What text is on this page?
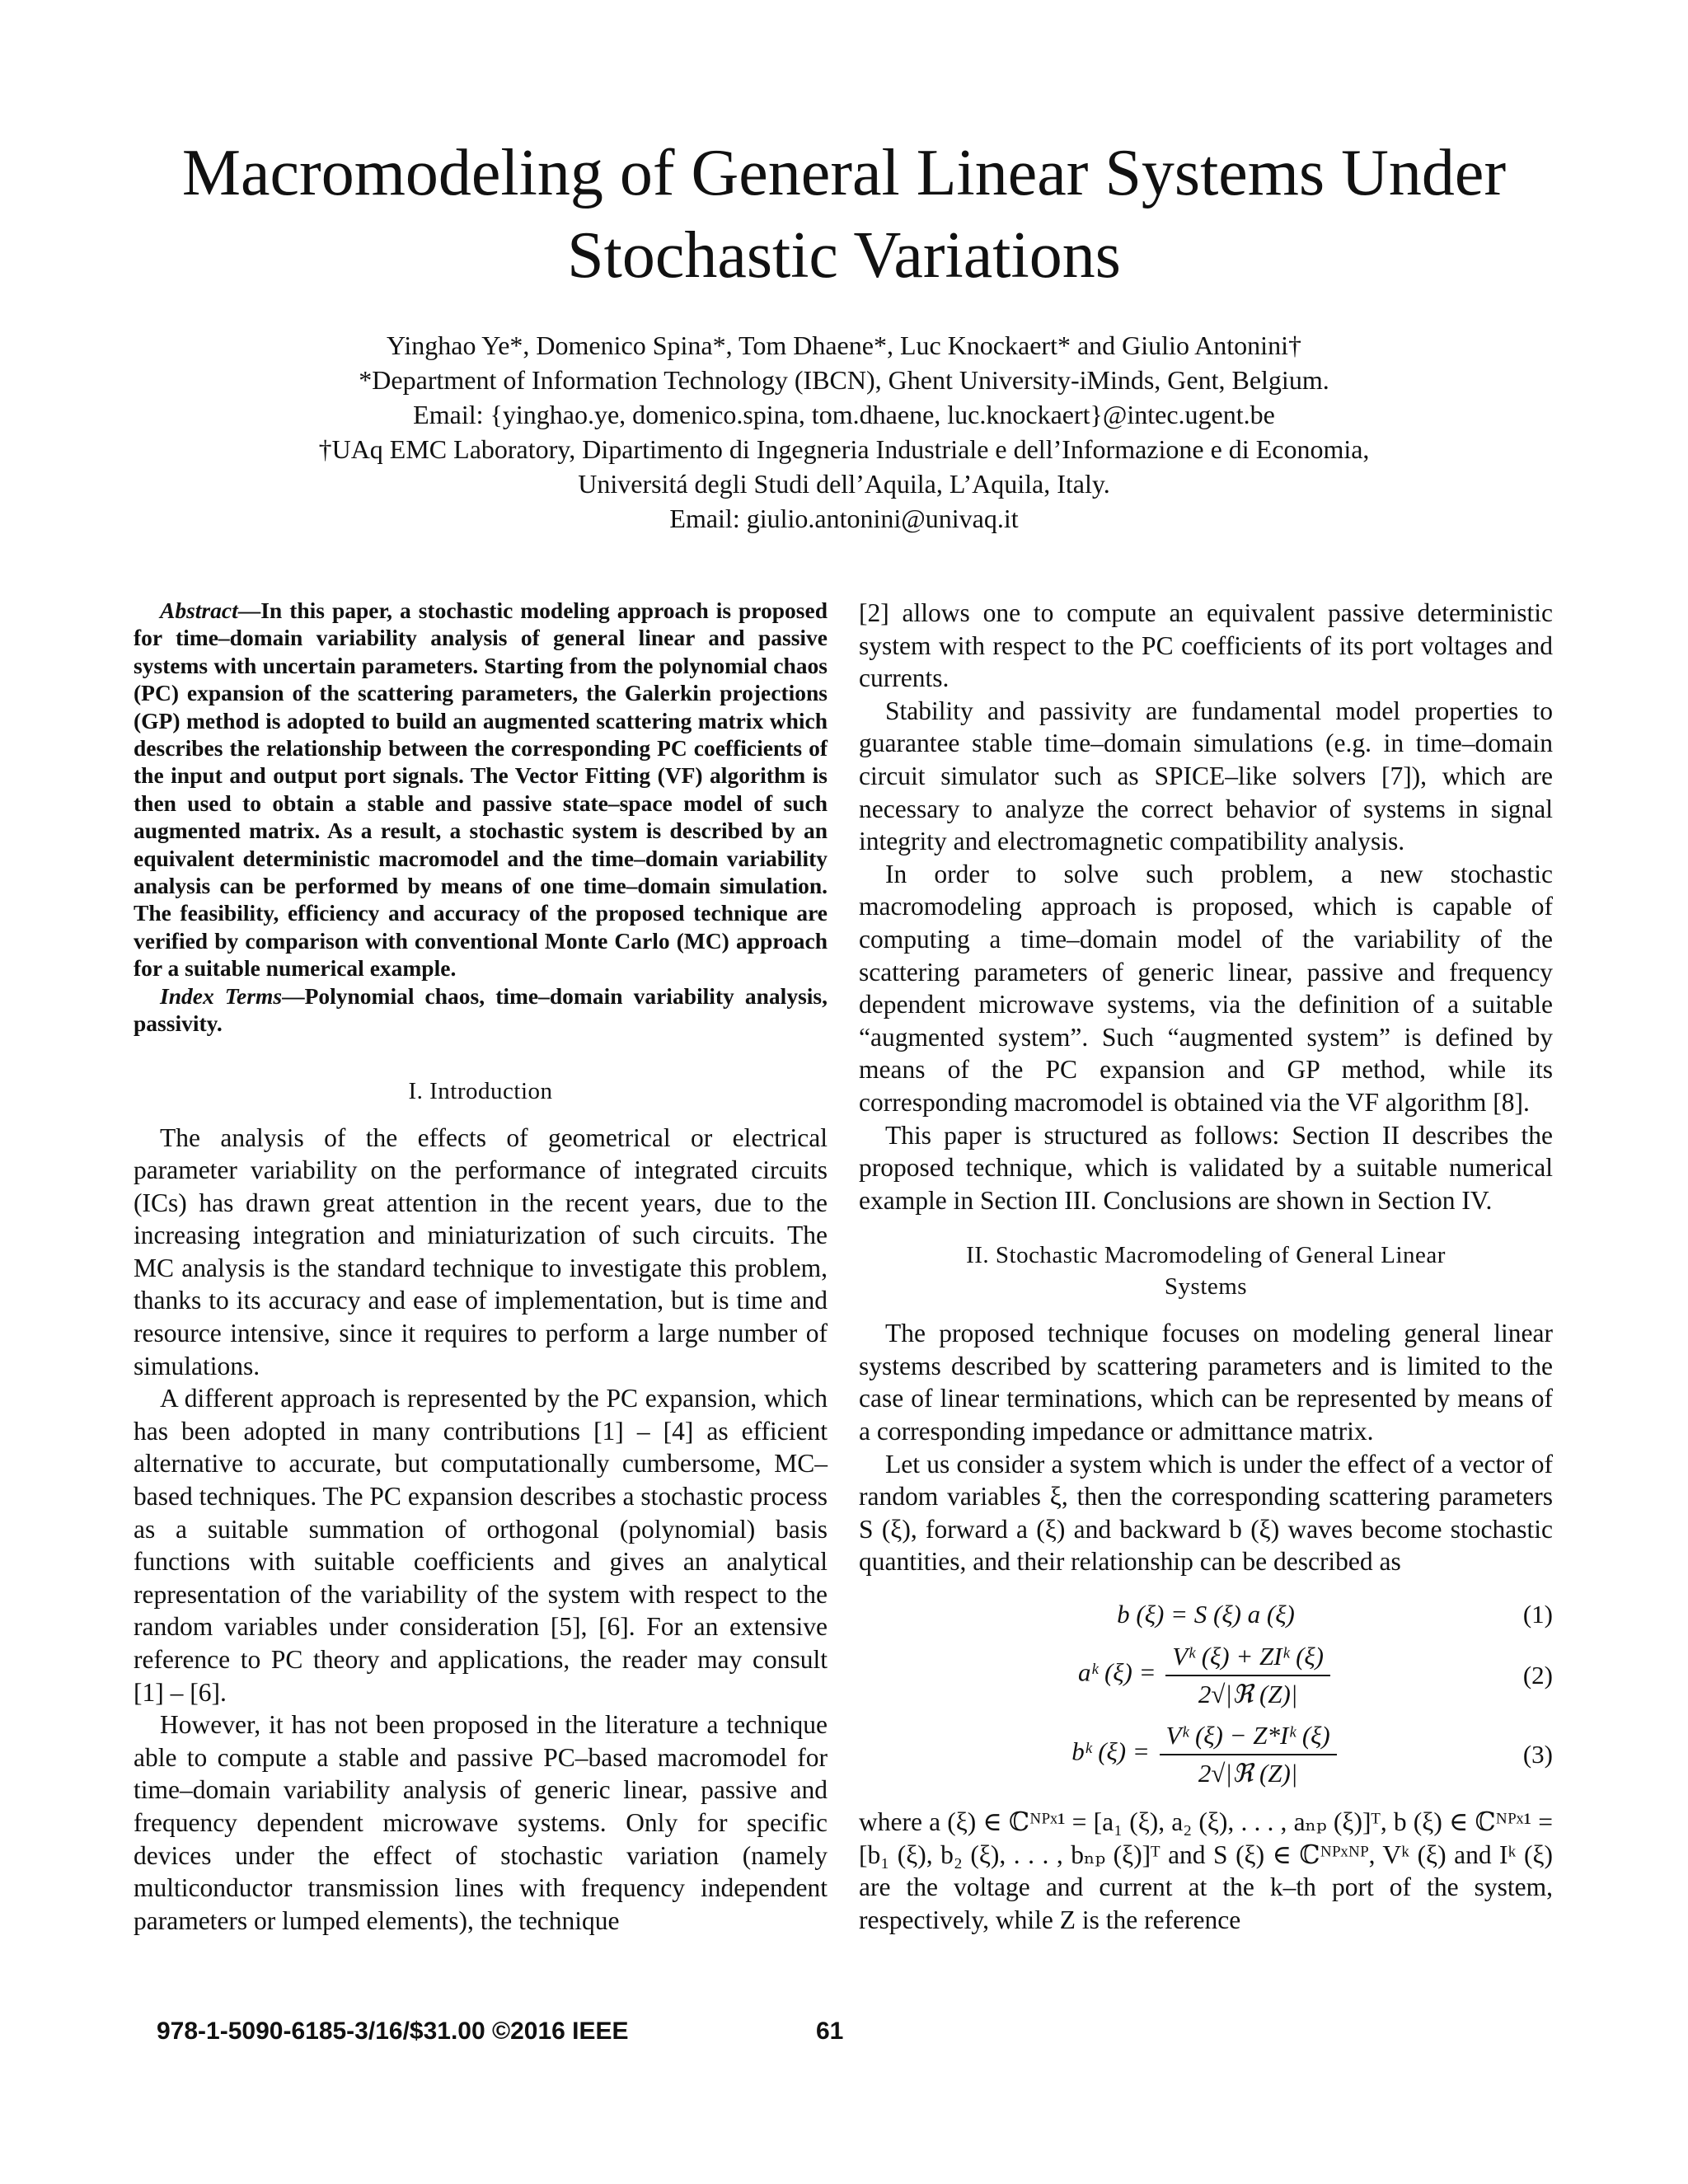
Macromodeling of General Linear Systems Under
Stochastic Variations
Yinghao Ye*, Domenico Spina*, Tom Dhaene*, Luc Knockaert* and Giulio Antonini†
*Department of Information Technology (IBCN), Ghent University-iMinds, Gent, Belgium.
Email: {yinghao.ye, domenico.spina, tom.dhaene, luc.knockaert}@intec.ugent.be
†UAq EMC Laboratory, Dipartimento di Ingegneria Industriale e dell’Informazione e di Economia,
Universitá degli Studi dell’Aquila, L’Aquila, Italy.
Email: giulio.antonini@univaq.it

Abstract—In this paper, a stochastic modeling approach is proposed for time–domain variability analysis of general linear and passive systems with uncertain parameters. Starting from the polynomial chaos (PC) expansion of the scattering parameters, the Galerkin projections (GP) method is adopted to build an augmented scattering matrix which describes the relationship between the corresponding PC coefficients of the input and output port signals. The Vector Fitting (VF) algorithm is then used to obtain a stable and passive state–space model of such augmented matrix. As a result, a stochastic system is described by an equivalent deterministic macromodel and the time–domain variability analysis can be performed by means of one time–domain simulation. The feasibility, efficiency and accuracy of the proposed technique are verified by comparison with conventional Monte Carlo (MC) approach for a suitable numerical example.

Index Terms—Polynomial chaos, time–domain variability analysis, passivity.

I. Introduction

The analysis of the effects of geometrical or electrical parameter variability on the performance of integrated circuits (ICs) has drawn great attention in the recent years, due to the increasing integration and miniaturization of such circuits. The MC analysis is the standard technique to investigate this problem, thanks to its accuracy and ease of implementation, but is time and resource intensive, since it requires to perform a large number of simulations.

A different approach is represented by the PC expansion, which has been adopted in many contributions [1] – [4] as efficient alternative to accurate, but computationally cumbersome, MC–based techniques. The PC expansion describes a stochastic process as a suitable summation of orthogonal (polynomial) basis functions with suitable coefficients and gives an analytical representation of the variability of the system with respect to the random variables under consideration [5], [6]. For an extensive reference to PC theory and applications, the reader may consult [1] – [6].

However, it has not been proposed in the literature a technique able to compute a stable and passive PC–based macromodel for time–domain variability analysis of generic linear, passive and frequency dependent microwave systems. Only for specific devices under the effect of stochastic variation (namely multiconductor transmission lines with frequency independent parameters or lumped elements), the technique

[2] allows one to compute an equivalent passive deterministic system with respect to the PC coefficients of its port voltages and currents.

Stability and passivity are fundamental model properties to guarantee stable time–domain simulations (e.g. in time–domain circuit simulator such as SPICE–like solvers [7]), which are necessary to analyze the correct behavior of systems in signal integrity and electromagnetic compatibility analysis.

In order to solve such problem, a new stochastic macromodeling approach is proposed, which is capable of computing a time–domain model of the variability of the scattering parameters of generic linear, passive and frequency dependent microwave systems, via the definition of a suitable “augmented system”. Such “augmented system” is defined by means of the PC expansion and GP method, while its corresponding macromodel is obtained via the VF algorithm [8].

This paper is structured as follows: Section II describes the proposed technique, which is validated by a suitable numerical example in Section III. Conclusions are shown in Section IV.

II. Stochastic Macromodeling of General Linear
Systems

The proposed technique focuses on modeling general linear systems described by scattering parameters and is limited to the case of linear terminations, which can be represented by means of a corresponding impedance or admittance matrix.

Let us consider a system which is under the effect of a vector of random variables ξ, then the corresponding scattering parameters S (ξ), forward a (ξ) and backward b (ξ) waves become stochastic quantities, and their relationship can be described as

b (ξ) = S (ξ) a (ξ)	(1)
aᵏ $(\xi) = \frac{\text{Vᵏ (ξ) + ZIᵏ (ξ)}}{\text{2√|ℜ (Z)|}}$	(2)
bᵏ $(\xi) = \frac{\text{Vᵏ (ξ) − Z*Iᵏ (ξ)}}{\text{2√|ℜ (Z)|}}$	(3)

where a (ξ) ∈ ℂᴺᴾˣ¹ = [a₁ (ξ), a₂ (ξ), . . . , aₙₚ (ξ)]ᵀ, b (ξ) ∈ ℂᴺᴾˣ¹ = [b₁ (ξ), b₂ (ξ), . . . , bₙₚ (ξ)]ᵀ and S (ξ) ∈ ℂᴺᴾˣᴺᴾ, Vᵏ (ξ) and Iᵏ (ξ) are the voltage and current at the k–th port of the system, respectively, while Z is the reference

978-1-5090-6185-3/16/$31.00 ©2016 IEEE	61
